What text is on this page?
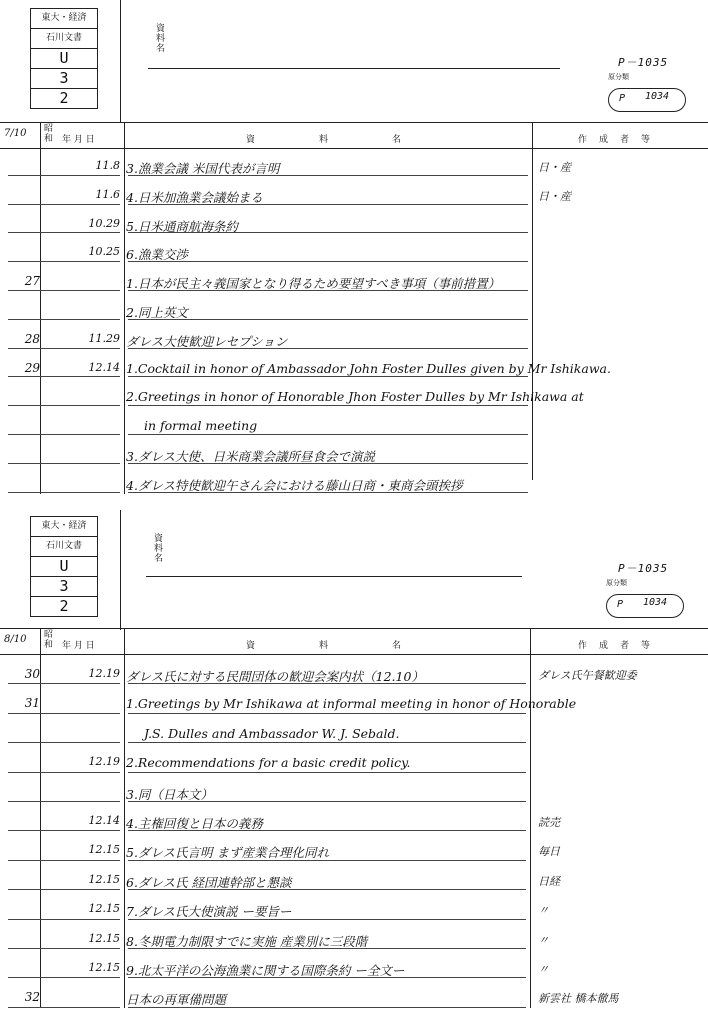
東大・経済
石川文書
U
3
2
資
料
名
P－1035
原分類
P 1034
7/10 昭
和 年 月 日	資	料	名	作 成 者 等
11.8 3.漁業会議 米国代表が言明	日・産
11.6 4.日米加漁業会議始まる	日・産
10.29 5.日米通商航海条約
10.25 6.漁業交渉
27	1.日本が民主々義国家となり得るため要望すべき事項（事前措置）
2.同上英文
28	11.29 ダレス大使歓迎レセプション
29	12.14 1.Cocktail in honor of Ambassador John Foster Dulles given by Mr Ishikawa.
2.Greetings in honor of Honorable Jhon Foster Dulles by Mr Ishikawa at
in formal meeting
3.ダレス大使、日米商業会議所昼食会で演説
4.ダレス特使歓迎午さん会における藤山日商・東商会頭挨拶
東大・経済
石川文書
U
3
2
資
料
名
P－1035
原分類
P 1034
8/10 昭
和 年 月 日	資	料	名	作 成 者 等
30	12.19 ダレス氏に対する民間団体の歓迎会案内状（12.10）	ダレス氏午餐歓迎委
31	1.Greetings by Mr Ishikawa at informal meeting in honor of Honorable
J.S. Dulles and Ambassador W. J. Sebald.
12.19 2.Recommendations for a basic credit policy.
3.同（日本文）
12.14 4.主権回復と日本の義務	読売
12.15 5.ダレス氏言明 まず産業合理化同れ	毎日
12.15 6.ダレス氏 経団連幹部と懇談	日経
12.15 7.ダレス氏大使演説 ー要旨ー	〃
12.15 8.冬期電力制限すでに実施 産業別に三段階	〃
12.15 9.北太平洋の公海漁業に関する国際条約 ー全文ー	〃
32	日本の再軍備問題	新雲社 橋本徹馬
